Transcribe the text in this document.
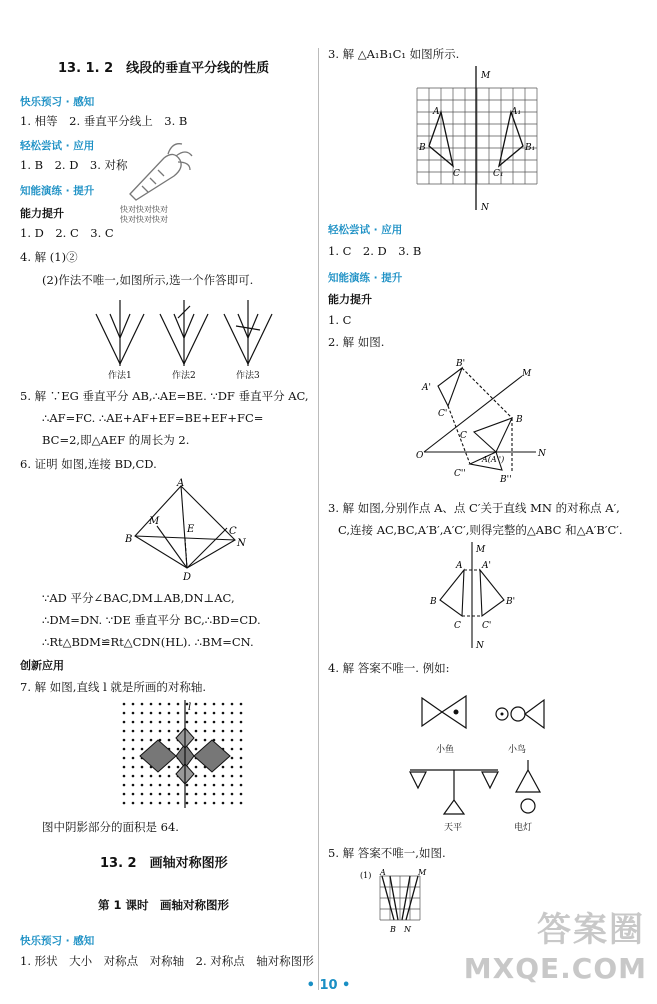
13. 1. 2　线段的垂直平分线的性质
快乐预习 · 感知
1. 相等　2. 垂直平分线上　3. B
轻松尝试 · 应用
1. B　2. D　3. 对称
快对快对快对
快对快对快对
知能演练 · 提升
能力提升
1. D　2. C　3. C
4. 解 (1)②
(2)作法不唯一,如图所示,选一个作答即可.
作法1	作法2	作法3
5. 解 ∵EG 垂直平分 AB,∴AE=BE. ∵DF 垂直平分 AC,
∴AF=FC. ∴AE+AF+EF=BE+EF+FC=
BC=2,即△AEF 的周长为 2.
6. 证明 如图,连接 BD,CD.
A
M
E	C
B	N
D
∵AD 平分∠BAC,DM⊥AB,DN⊥AC,
∴DM=DN. ∵DE 垂直平分 BC,∴BD=CD.
∴Rt△BDM≌Rt△CDN(HL). ∴BM=CN.
创新应用
7. 解 如图,直线 l 就是所画的对称轴.
l
图中阴影部分的面积是 64.
13. 2　画轴对称图形
第 1 课时　画轴对称图形
快乐预习 · 感知
1. 形状　大小　对称点　对称轴　2. 对称点　轴对称图形
3. 解 △A₁B₁C₁ 如图所示.
M
A	A₁
B	B₁
C	C₁
N
轻松尝试 · 应用
1. C　2. D　3. B
知能演练 · 提升
能力提升
1. C
2. 解 如图.
B'
M
A'
C'
B
C
O	A(A'')
C''
B''
N
3. 解 如图,分别作点 A、点 C′关于直线 MN 的对称点 A′,
C,连接 AC,BC,A′B′,A′C′,则得完整的△ABC 和△A′B′C′.
M
A A'
B	B'
C C'
N
4. 解 答案不唯一. 例如:
小鱼	小鸟
天平	电灯
5. 解 答案不唯一,如图.
(1) A	M
B N
• 10 •
答案圈
MXQE.COM
